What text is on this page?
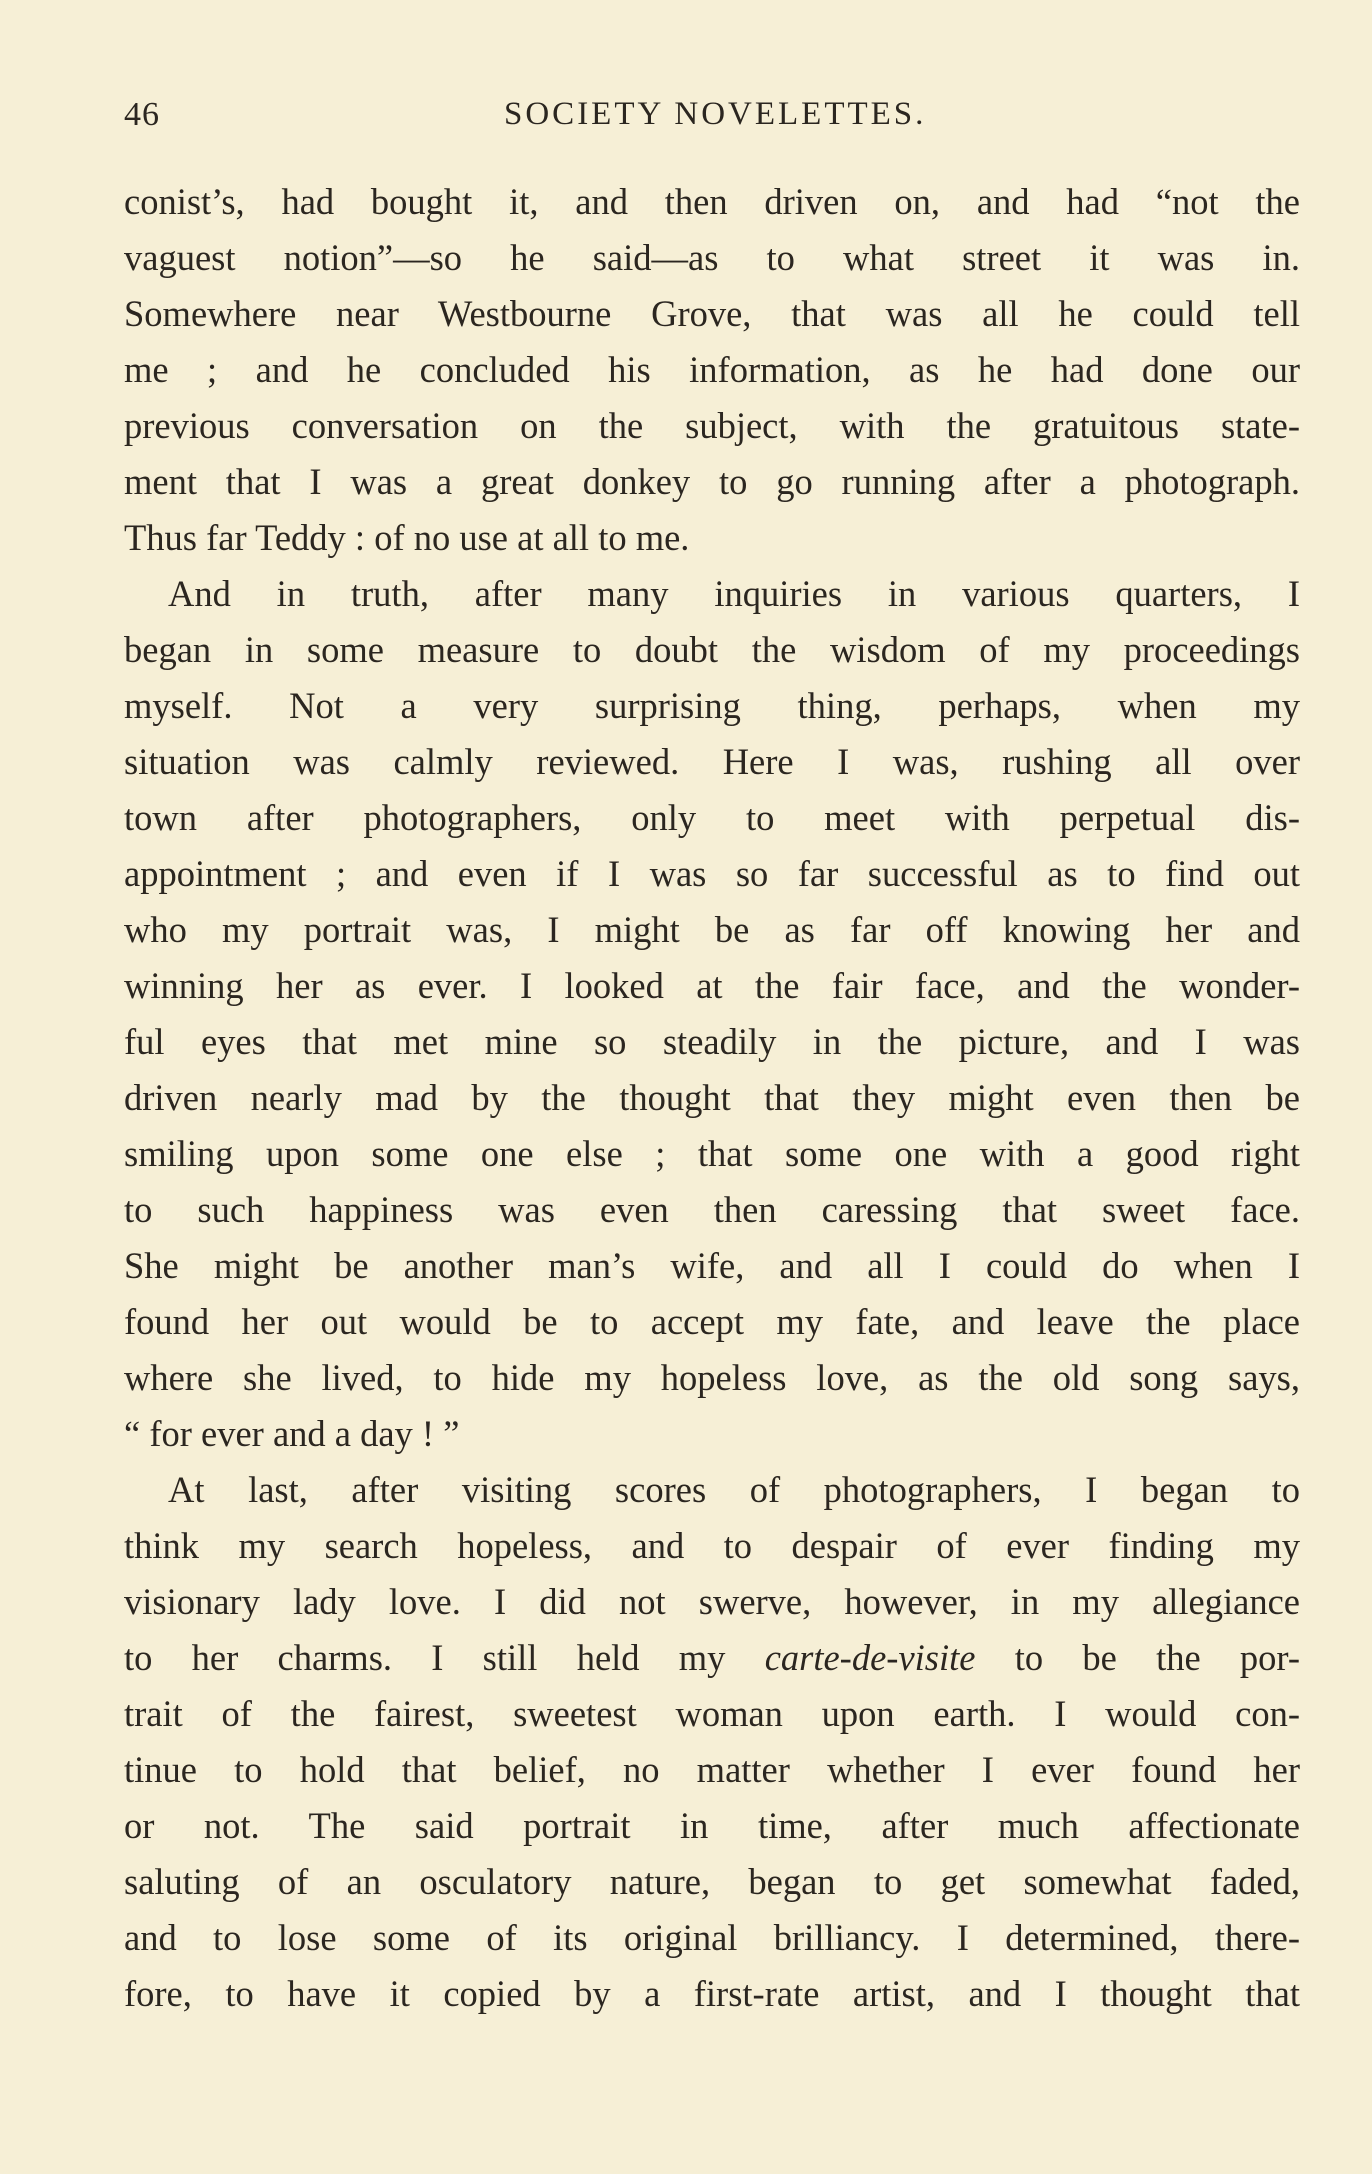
46	SOCIETY NOVELETTES.
conist’s, had bought it, and then driven on, and had “not the
vaguest notion”—so he said—as to what street it was in.
Somewhere near Westbourne Grove, that was all he could tell
me ; and he concluded his information, as he had done our
previous conversation on the subject, with the gratuitous state-
ment that I was a great donkey to go running after a photograph.
Thus far Teddy : of no use at all to me.
And in truth, after many inquiries in various quarters, I
began in some measure to doubt the wisdom of my proceedings
myself. Not a very surprising thing, perhaps, when my
situation was calmly reviewed. Here I was, rushing all over
town after photographers, only to meet with perpetual dis-
appointment ; and even if I was so far successful as to find out
who my portrait was, I might be as far off knowing her and
winning her as ever. I looked at the fair face, and the wonder-
ful eyes that met mine so steadily in the picture, and I was
driven nearly mad by the thought that they might even then be
smiling upon some one else ; that some one with a good right
to such happiness was even then caressing that sweet face.
She might be another man’s wife, and all I could do when I
found her out would be to accept my fate, and leave the place
where she lived, to hide my hopeless love, as the old song says,
“ for ever and a day ! ”
At last, after visiting scores of photographers, I began to
think my search hopeless, and to despair of ever finding my
visionary lady love. I did not swerve, however, in my allegiance
to her charms. I still held my carte-de-visite to be the por-
trait of the fairest, sweetest woman upon earth. I would con-
tinue to hold that belief, no matter whether I ever found her
or not. The said portrait in time, after much affectionate
saluting of an osculatory nature, began to get somewhat faded,
and to lose some of its original brilliancy. I determined, there-
fore, to have it copied by a first-rate artist, and I thought that
